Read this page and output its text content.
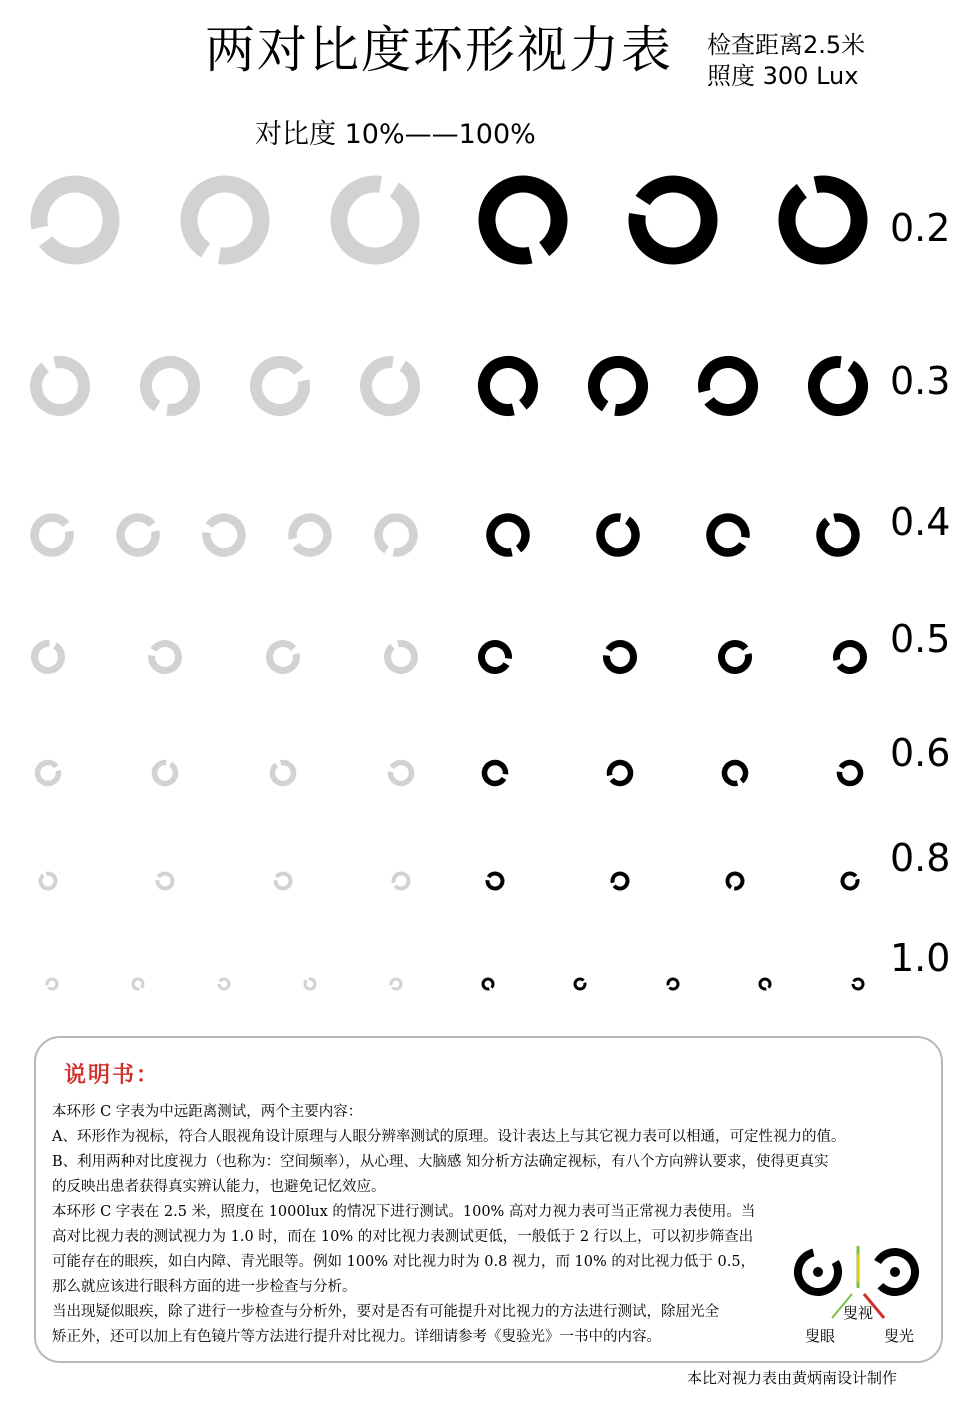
两对比度环形视力表 检查距离2.5米
照度 300 Lux
对比度 10%——100%
0.2
0.3
0.4
0.5
0.6
0.8
1.0
说明书：
本环形 C 字表为中远距离测试，两个主要内容：
A、环形作为视标，符合人眼视角设计原理与人眼分辨率测试的原理。设计表达上与其它视力表可以相通，可定性视力的值。
B、利用两种对比度视力（也称为：空间频率），从心理、大脑感 知分析方法确定视标，有八个方向辨认要求，使得更真实
的反映出患者获得真实辨认能力，也避免记忆效应。
本环形 C 字表在 2.5 米，照度在 1000lux 的情况下进行测试。100% 高对力视力表可当正常视力表使用。当
高对比视力表的测试视力为 1.0 时，而在 10% 的对比视力表测试更低，一般低于 2 行以上，可以初步筛查出
可能存在的眼疾，如白内障、青光眼等。例如 100% 对比视力时为 0.8 视力，而 10% 的对比视力低于 0.5，
那么就应该进行眼科方面的进一步检查与分析。
当出现疑似眼疾，除了进行一步检查与分析外，要对是否有可能提升对比视力的方法进行测试，除屈光全
矫正外，还可以加上有色镜片等方法进行提升对比视力。详细请参考《叟验光》一书中的内容。
叟视
叟眼	叟光
本比对视力表由黄炳南设计制作
